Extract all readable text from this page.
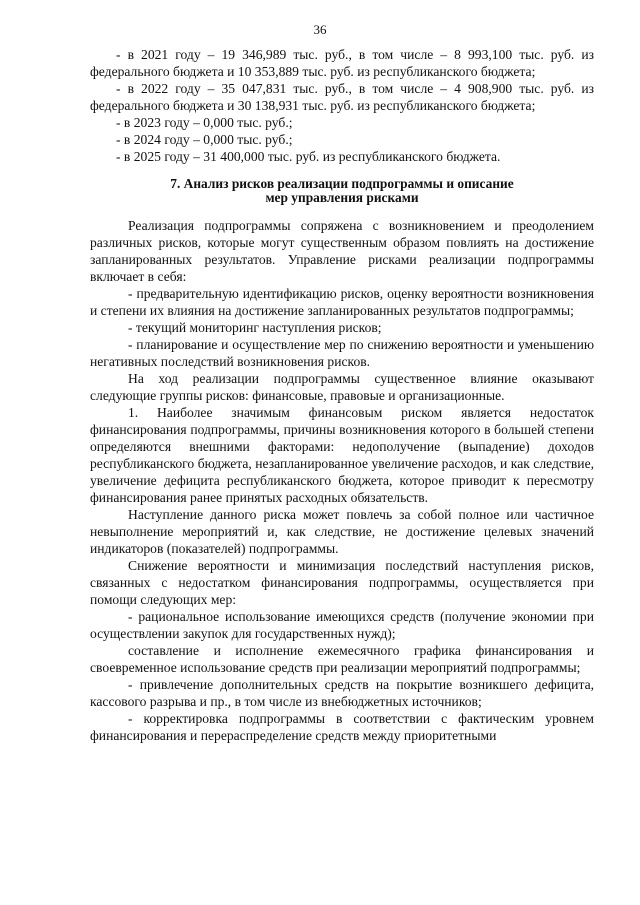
36

- в 2021 году – 19 346,989 тыс. руб., в том числе – 8 993,100 тыс. руб. из федерального бюджета и 10 353,889 тыс. руб. из республиканского бюджета;

- в 2022 году – 35 047,831 тыс. руб., в том числе – 4 908,900 тыс. руб. из федерального бюджета и 30 138,931 тыс. руб. из республиканского бюджета;

- в 2023 году – 0,000 тыс. руб.;

- в 2024 году – 0,000 тыс. руб.;

- в 2025 году – 31 400,000 тыс. руб. из республиканского бюджета.

7. Анализ рисков реализации подпрограммы и описание
мер управления рисками

Реализация подпрограммы сопряжена с возникновением и преодолением различных рисков, которые могут существенным образом повлиять на достижение запланированных результатов. Управление рисками реализации подпрограммы включает в себя:

- предварительную идентификацию рисков, оценку вероятности возникновения и степени их влияния на достижение запланированных результатов подпрограммы;

- текущий мониторинг наступления рисков;

- планирование и осуществление мер по снижению вероятности и уменьшению негативных последствий возникновения рисков.

На ход реализации подпрограммы существенное влияние оказывают следующие группы рисков: финансовые, правовые и организационные.

1. Наиболее значимым финансовым риском является недостаток финансирования подпрограммы, причины возникновения которого в большей степени определяются внешними факторами: недополучение (выпадение) доходов республиканского бюджета, незапланированное увеличение расходов, и как следствие, увеличение дефицита республиканского бюджета, которое приводит к пересмотру финансирования ранее принятых расходных обязательств.

Наступление данного риска может повлечь за собой полное или частичное невыполнение мероприятий и, как следствие, не достижение целевых значений индикаторов (показателей) подпрограммы.

Снижение вероятности и минимизация последствий наступления рисков, связанных с недостатком финансирования подпрограммы, осуществляется при помощи следующих мер:

- рациональное использование имеющихся средств (получение экономии при осуществлении закупок для государственных нужд);

составление и исполнение ежемесячного графика финансирования и своевременное использование средств при реализации мероприятий подпрограммы;

- привлечение дополнительных средств на покрытие возникшего дефицита, кассового разрыва и пр., в том числе из внебюджетных источников;

- корректировка подпрограммы в соответствии с фактическим уровнем финансирования и перераспределение средств между приоритетными
